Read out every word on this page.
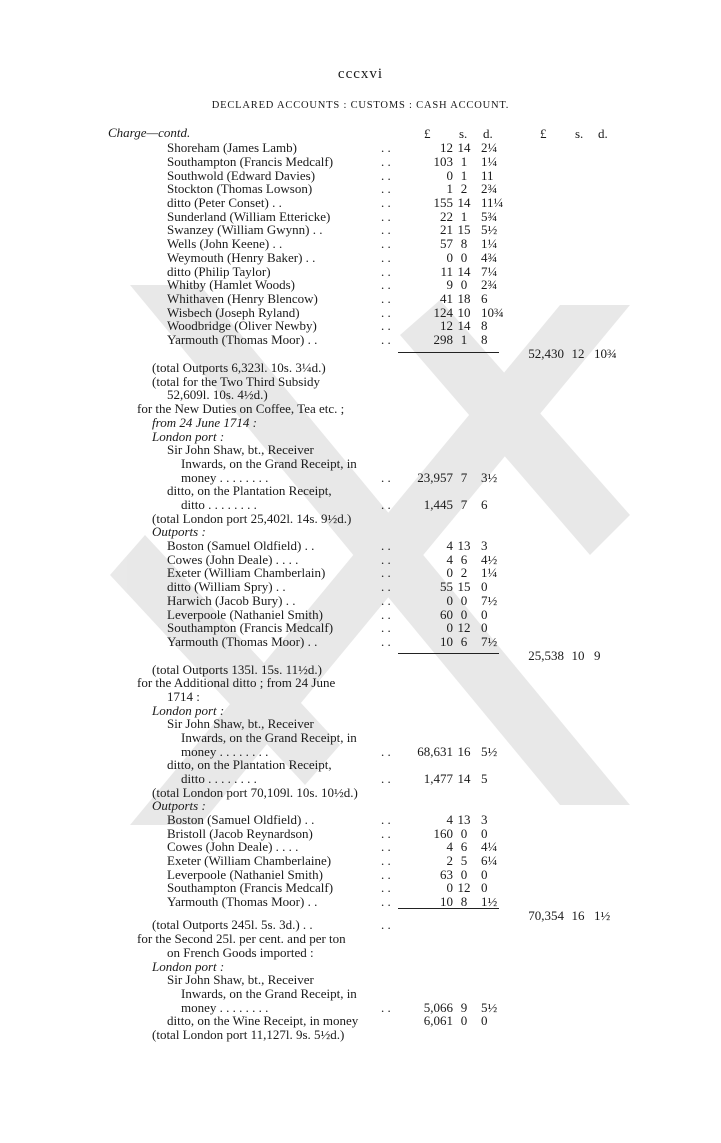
cccxvi
DECLARED ACCOUNTS : CUSTOMS : CASH ACCOUNT.
£ s. d.	£ s. d.
Charge—contd.
Shoreham (James Lamb)	. .	12 14 2¼
Southampton (Francis Medcalf)	. .	103 1	1¼
Southwold (Edward Davies)	. .	0 1	11
Stockton (Thomas Lowson)	. .	1 2	2¾
ditto (Peter Conset) . .	. .	155 14 11¼
Sunderland (William Ettericke)	. .	22 1	5¾
Swanzey (William Gwynn) . .	. .	21 15 5½
Wells (John Keene) . .	. .	57 8	1¼
Weymouth (Henry Baker) . .	. .	0 0	4¾
ditto (Philip Taylor)	. .	11 14 7¼
Whitby (Hamlet Woods)	. .	9 0	2¾
Whithaven (Henry Blencow)	. .	41 18 6
Wisbech (Joseph Ryland)	. .	124 10 10¾
Woodbridge (Oliver Newby)	. .	12 14 8
Yarmouth (Thomas Moor) . .	. .	298 1	8
52,430 12 10¾
(total Outports 6,323l. 10s. 3¼d.)
(total for the Two Third Subsidy
52,609l. 10s. 4½d.)
for the New Duties on Coffee, Tea etc. ;
from 24 June 1714 :
London port :
Sir John Shaw, bt., Receiver
Inwards, on the Grand Receipt, in
money . . . . . . . .	. .	23,957 7	3½
ditto, on the Plantation Receipt,
ditto . . . . . . . .	. .	1,445 7	6
(total London port 25,402l. 14s. 9½d.)
Outports :
Boston (Samuel Oldfield) . .	. .	4 13 3
Cowes (John Deale) . . . .	. .	4 6	4½
Exeter (William Chamberlain)	. .	0 2	1¼
ditto (William Spry) . .	. .	55 15 0
Harwich (Jacob Bury) . .	. .	0 0	7½
Leverpoole (Nathaniel Smith)	. .	60 0	0
Southampton (Francis Medcalf)	. .	0 12 0
Yarmouth (Thomas Moor) . .	. .	10 6	7½
25,538 10 9
(total Outports 135l. 15s. 11½d.)
for the Additional ditto ; from 24 June
1714 :
London port :
Sir John Shaw, bt., Receiver
Inwards, on the Grand Receipt, in
money . . . . . . . .	. .	68,631 16 5½
ditto, on the Plantation Receipt,
ditto . . . . . . . .	. .	1,477 14 5
(total London port 70,109l. 10s. 10½d.)
Outports :
Boston (Samuel Oldfield) . .	. .	4 13 3
Bristoll (Jacob Reynardson)	. .	160 0	0
Cowes (John Deale) . . . .	. .	4 6	4¼
Exeter (William Chamberlaine)	. .	2 5	6¼
Leverpoole (Nathaniel Smith)	. .	63 0	0
Southampton (Francis Medcalf)	. .	0 12 0
Yarmouth (Thomas Moor) . .	. .	10 8	1½
70,354 16 1½
(total Outports 245l. 5s. 3d.) . .	. .
for the Second 25l. per cent. and per ton
on French Goods imported :
London port :
Sir John Shaw, bt., Receiver
Inwards, on the Grand Receipt, in
money . . . . . . . .	. .	5,066 9	5½
ditto, on the Wine Receipt, in money	6,061 0	0
(total London port 11,127l. 9s. 5½d.)
